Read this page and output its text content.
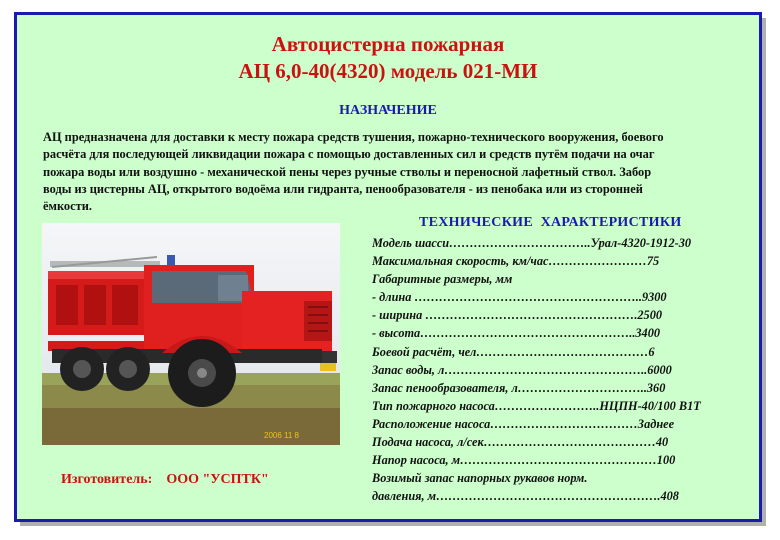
Автоцистерна пожарная
АЦ 6,0-40(4320) модель 021-МИ
НАЗНАЧЕНИЕ

АЦ предназначена для доставки к месту пожара средств тушения, пожарно-технического вооружения, боевого
расчёта для последующей ликвидации пожара с помощью доставленных сил и средств путём подачи на очаг
пожара воды или воздушно - механической пены через ручные стволы и переносной лафетный ствол. Забор
воды из цистерны АЦ, открытого водоёма или гидранта, пенообразователя - из пенобака или из сторонней
ёмкости.

2006 11 8
Изготовитель: ООО "УСПТК"
ТЕХНИЧЕСКИЕ  ХАРАКТЕРИСТИКИ
Модель шасси……………………………..Урал-4320-1912-30
Максимальная скорость, км/час……………………75
Габаритные размеры, мм
- длина ………………………………………………..9300
- ширина …………………………………………….2500
- высота……………………………………………..3400
Боевой расчёт, чел……………………………………6
Запас воды, л…………………………………………..6000
Запас пенообразователя, л…………………………..360
Тип пожарного насоса……………………..НЦПН-40/100 В1Т
Расположение насоса………………………………Заднее
Подача насоса, л/сек……………………………………40
Напор насоса, м…………………………………………100
Возимый запас напорных рукавов норм.
давления, м……………………………………………….408
